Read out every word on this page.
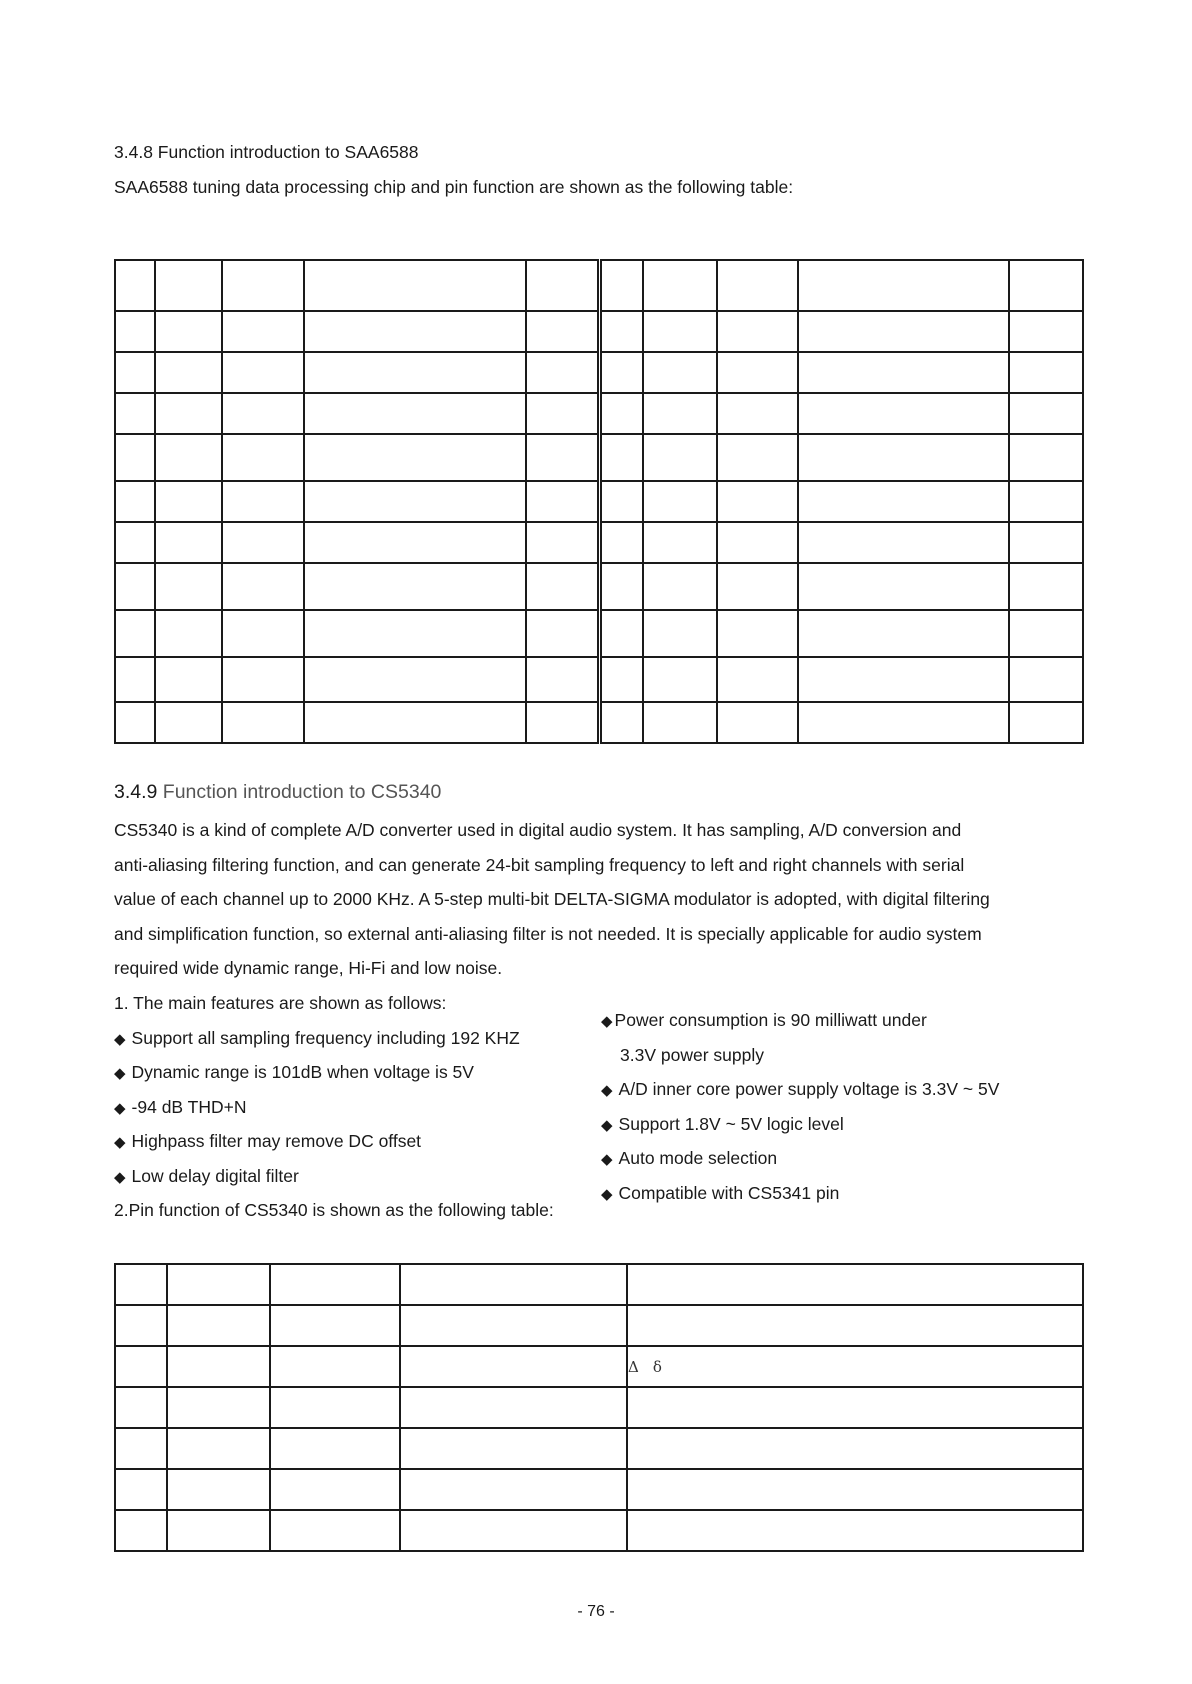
3.4.8 Function introduction to SAA6588
SAA6588 tuning data processing chip and pin function are shown as the following table:

3.4.9 Function introduction to CS5340
CS5340 is a kind of complete A/D converter used in digital audio system. It has sampling, A/D conversion and
anti-aliasing filtering function, and can generate 24-bit sampling frequency to left and right channels with serial
value of each channel up to 2000 KHz. A 5-step multi-bit DELTA-SIGMA modulator is adopted, with digital filtering
and simplification function, so external anti-aliasing filter is not needed. It is specially applicable for audio system
required wide dynamic range, Hi-Fi and low noise.
1. The main features are shown as follows:
◆ Support all sampling frequency including 192 KHZ
◆ Dynamic range is 101dB when voltage is 5V
◆ -94 dB THD+N
◆ Highpass filter may remove DC offset
◆ Low delay digital filter
◆ Power consumption is 90 milliwatt under
3.3V power supply
◆ A/D inner core power supply voltage is 3.3V ~ 5V
◆ Support 1.8V ~ 5V logic level
◆ Auto mode selection
◆ Compatible with CS5341 pin
2.Pin function of CS5340 is shown as the following table:

				Δ δ

- 76 -
